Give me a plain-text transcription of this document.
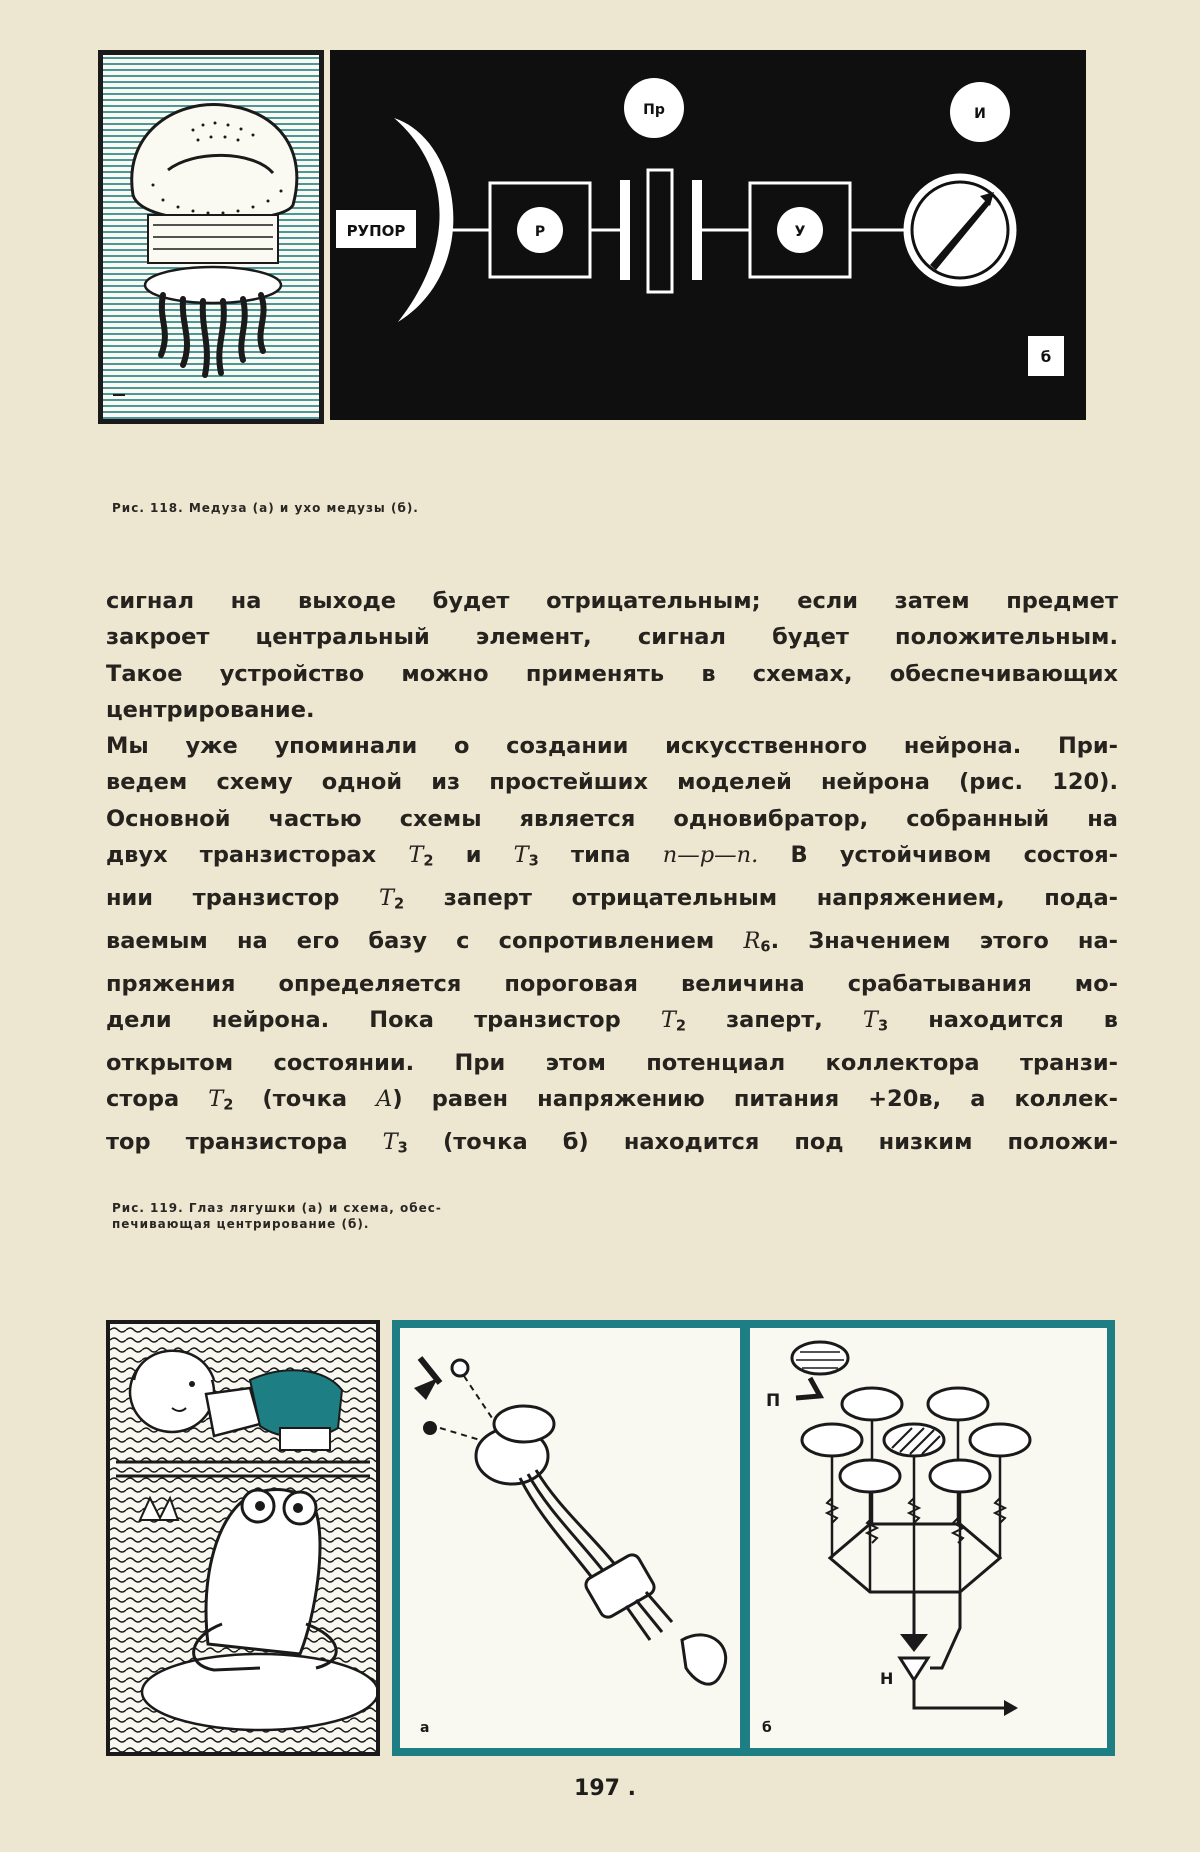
РУПОР	Р
Пр
У
И
б
Рис. 118. Медуза (а) и ухо медузы (б).
сигнал на выходе будет отрицательным; если затем предмет
закроет центральный элемент, сигнал будет положительным.
Такое устройство можно применять в схемах, обеспечивающих
центрирование.
Мы уже упоминали о создании искусственного нейрона. При-
ведем схему одной из простейших моделей нейрона (рис. 120).
Основной частью схемы является одновибратор, собранный на
двух транзисторах $T_2$ и $T_3$ типа n—p—n. В устойчивом состоя-
нии транзистор $T_2$ заперт отрицательным напряжением, пода-
ваемым на его базу с сопротивлением $R_6$. Значением этого на-
пряжения определяется пороговая величина срабатывания мо-
дели нейрона. Пока транзистор $T_2$ заперт, $T_3$ находится в
открытом состоянии. При этом потенциал коллектора транзи-
стора $T_2$ (точка A) равен напряжению питания +20в, а коллек-
тор транзистора $T_3$ (точка б) находится под низким положи-
Рис. 119. Глаз лягушки (а) и схема, обес-
печивающая центрирование (б).
а
П
Н
б
197 .
